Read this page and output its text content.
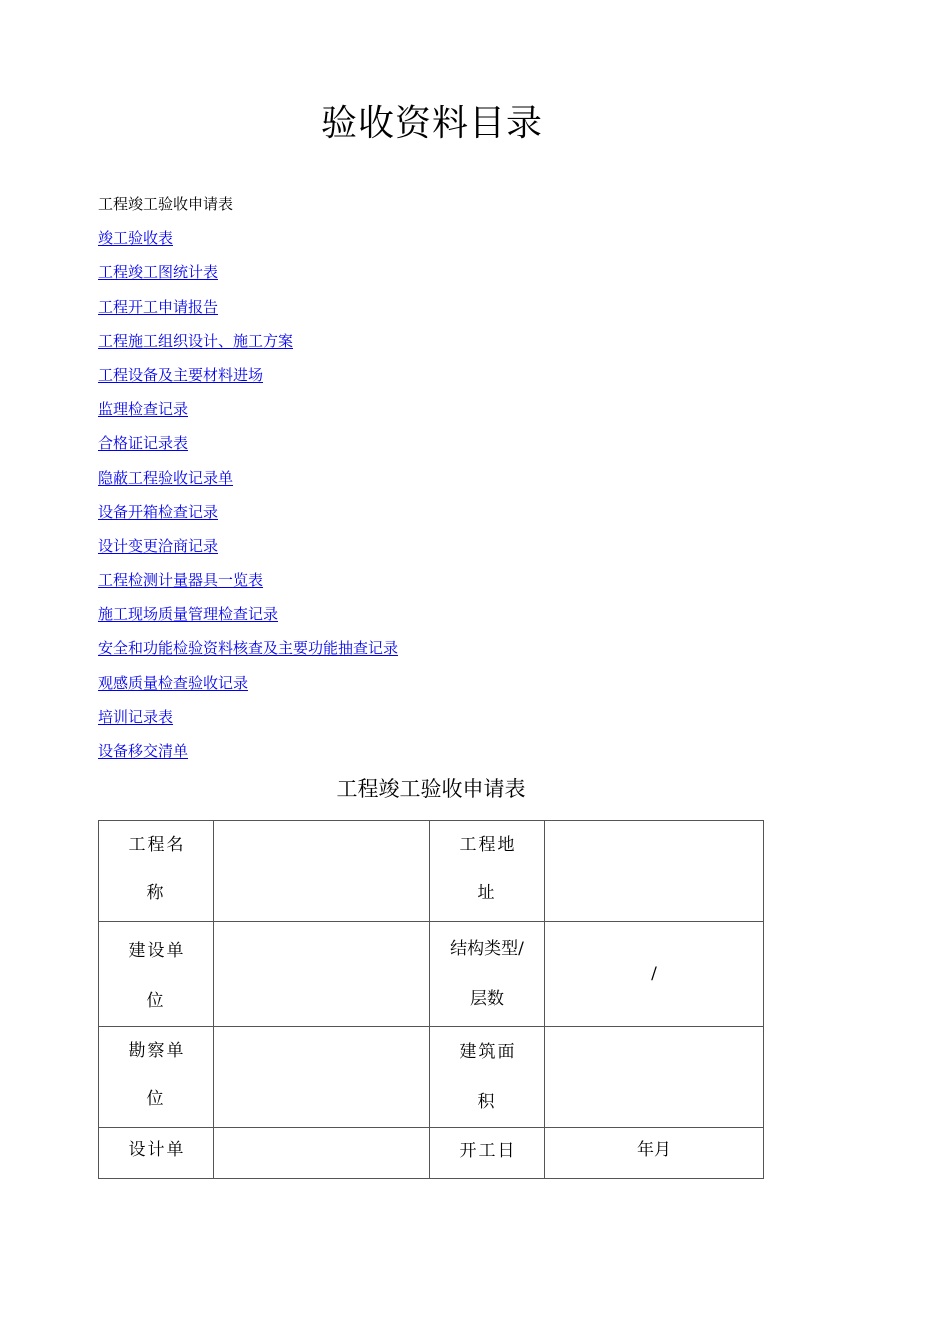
验收资料目录
工程竣工验收申请表
竣工验收表
工程竣工图统计表
工程开工申请报告
工程施工组织设计、施工方案
工程设备及主要材料进场
监理检查记录
合格证记录表
隐蔽工程验收记录单
设备开箱检查记录
设计变更洽商记录
工程检测计量器具一览表
施工现场质量管理检查记录
安全和功能检验资料核查及主要功能抽查记录
观感质量检查验收记录
培训记录表
设备移交清单
工程竣工验收申请表
工程名称		工程地址	

建设单位		结构类型/层数	/

勘察单位		建筑面积	

设计单		开工日	年月
